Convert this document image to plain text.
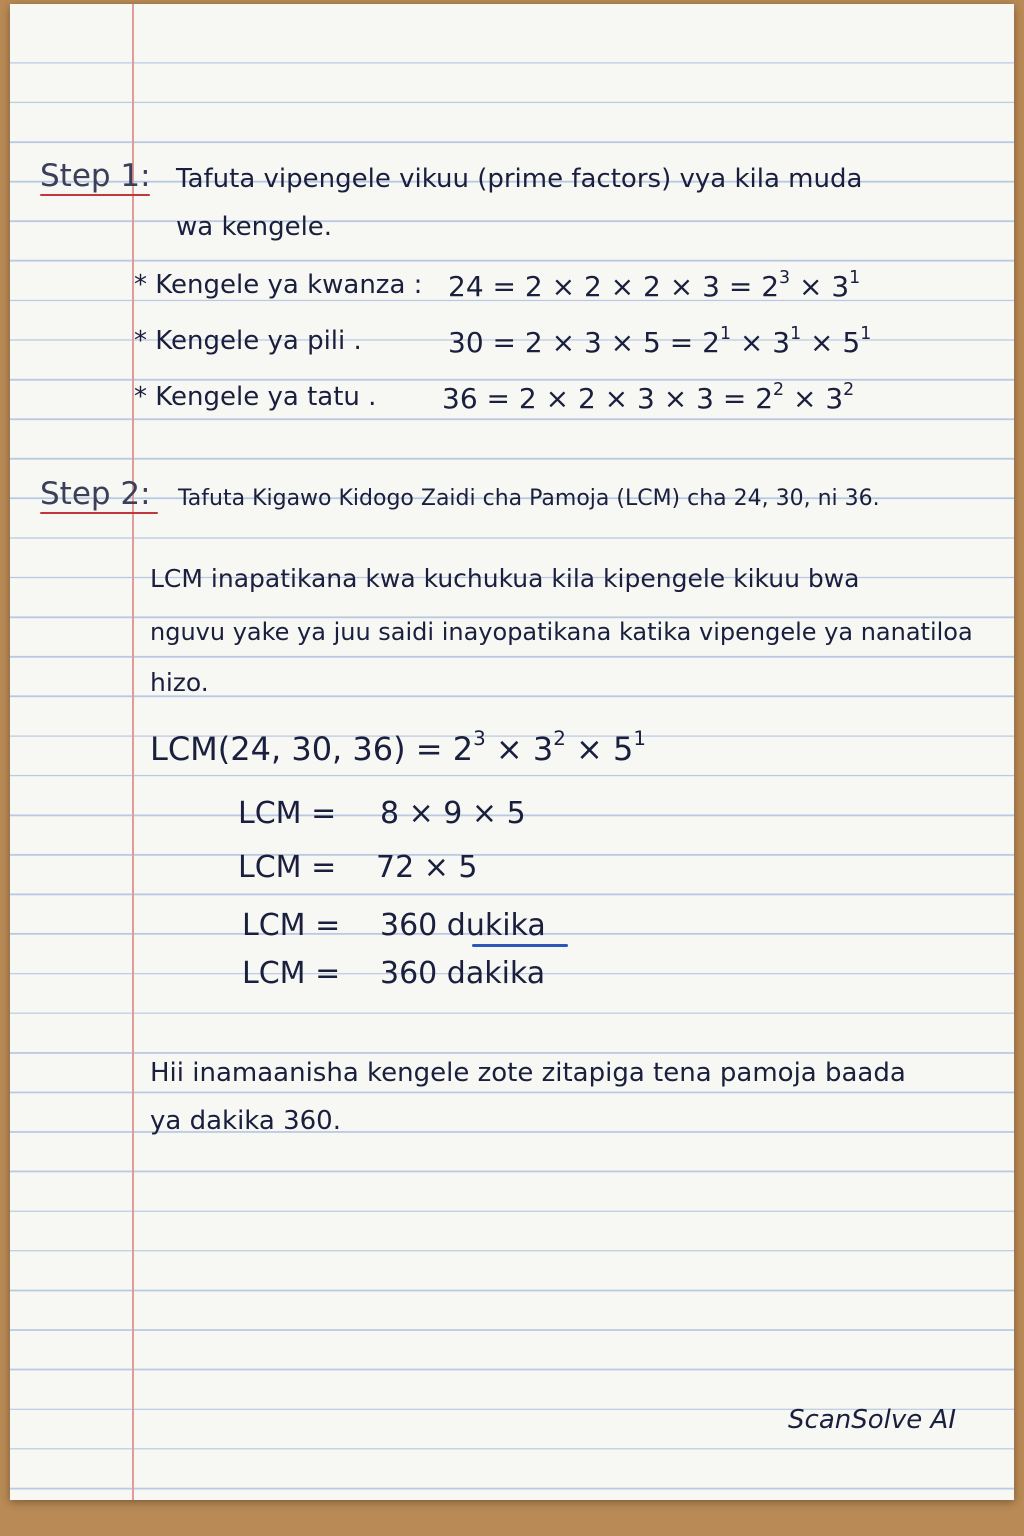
Step 1: Tafuta vipengele vikuu (prime factors) vya kila muda
wa kengele.
* Kengele ya kwanza : $24 = 2 \times 2 \times 2 \times 3 = 2^3 \times 3^1$
* Kengele ya pili .	$30 = 2 \times 3 \times 5 = 2^1 \times 3^1 \times 5^1$
* Kengele ya tatu . $36 = 2 \times 2 \times 3 \times 3 = 2^2 \times 3^2$
Step 2: Tafuta Kigawo Kidogo Zaidi cha Pamoja (LCM) cha 24, 30, ni 36.
LCM inapatikana kwa kuchukua kila kipengele kikuu bwa
nguvu yake ya juu saidi inayopatikana katika vipengele ya nanatiloa
hizo.
LCM(24, 30, $36) = 2^3 \times 3^2 \times 5^1$
LCM = 8 × 9 × 5
LCM = 72 × 5
LCM = 360 dukika
LCM = 360 dakika
Hii inamaanisha kengele zote zitapiga tena pamoja baada
ya dakika 360.
ScanSolve AI
